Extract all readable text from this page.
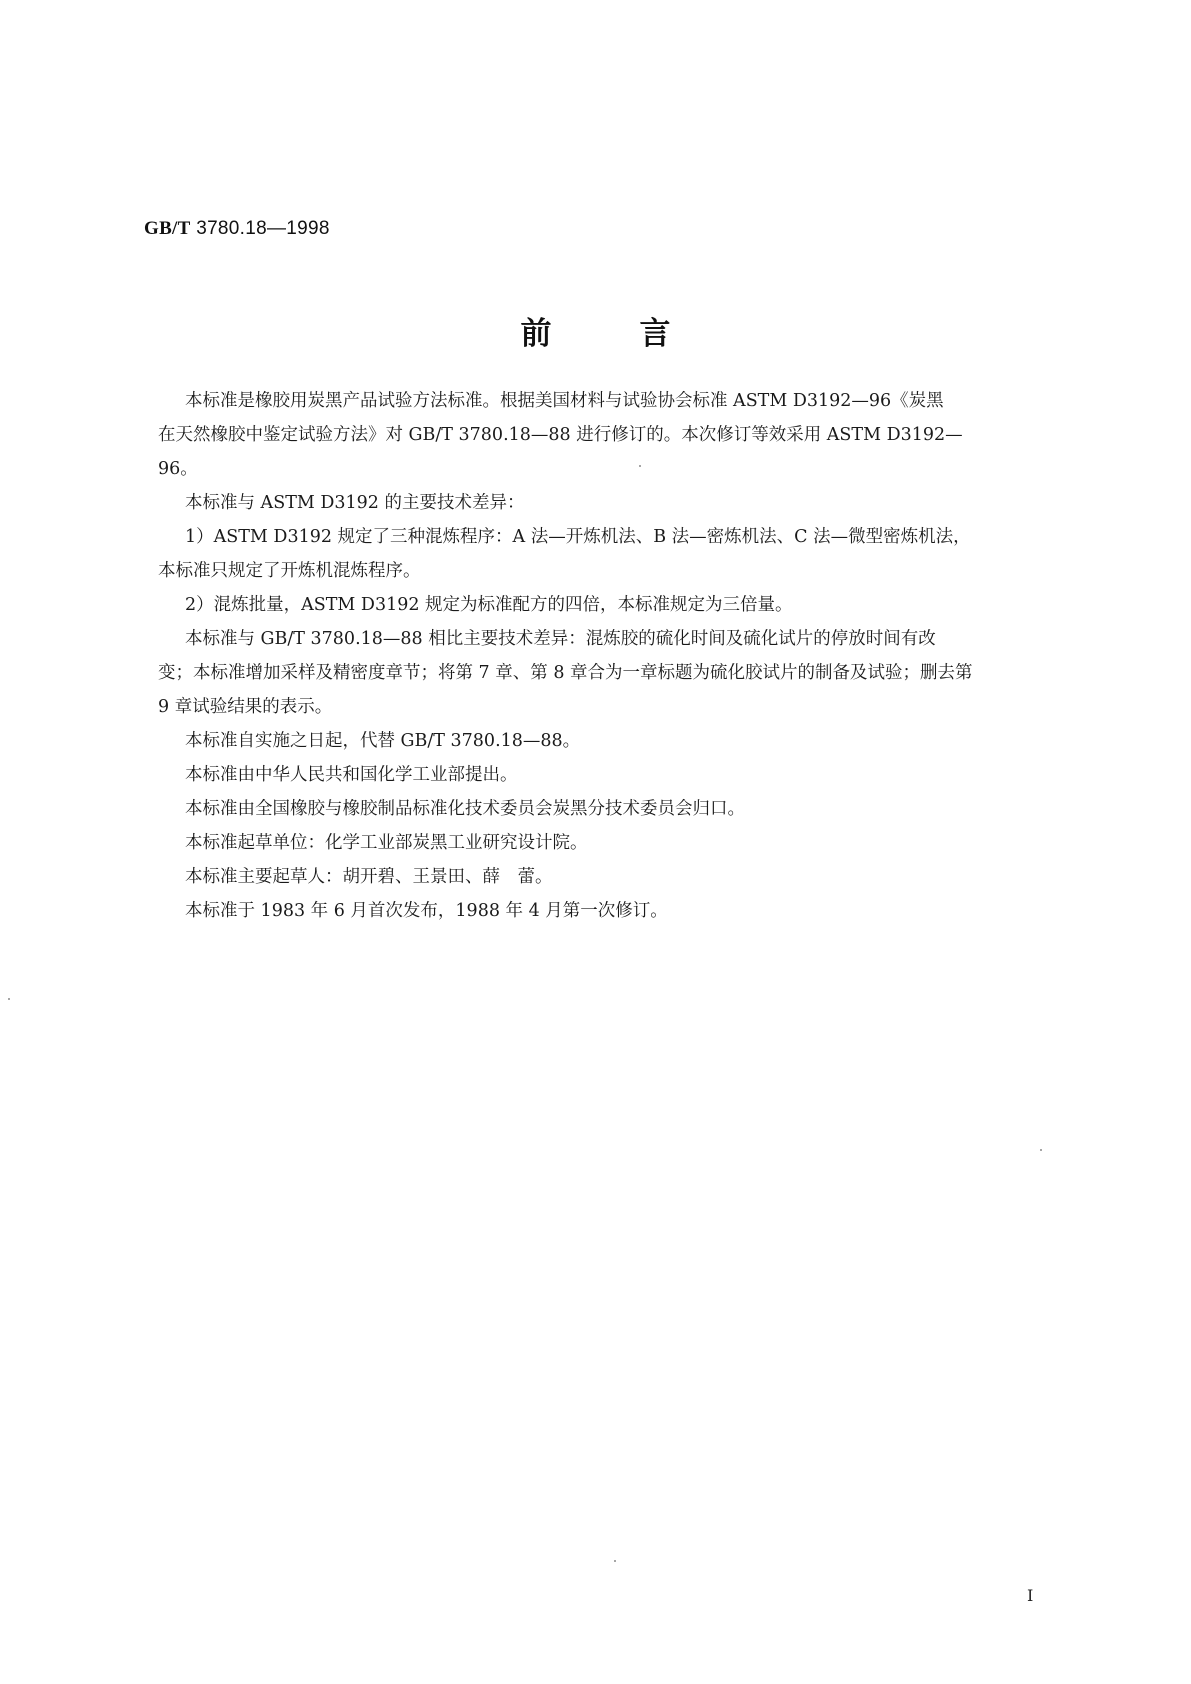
GB/T 3780.18—1998
前言
本标准是橡胶用炭黑产品试验方法标准。根据美国材料与试验协会标准 ASTM D3192—96《炭黑
在天然橡胶中鉴定试验方法》对 GB/T 3780.18—88 进行修订的。本次修订等效采用 ASTM D3192—
96。
本标准与 ASTM D3192 的主要技术差异：
1）ASTM D3192 规定了三种混炼程序：A 法—开炼机法、B 法—密炼机法、C 法—微型密炼机法，
本标准只规定了开炼机混炼程序。
2）混炼批量，ASTM D3192 规定为标准配方的四倍，本标准规定为三倍量。
本标准与 GB/T 3780.18—88 相比主要技术差异：混炼胶的硫化时间及硫化试片的停放时间有改
变；本标准增加采样及精密度章节；将第 7 章、第 8 章合为一章标题为硫化胶试片的制备及试验；删去第
9 章试验结果的表示。
本标准自实施之日起，代替 GB/T 3780.18—88。
本标准由中华人民共和国化学工业部提出。
本标准由全国橡胶与橡胶制品标准化技术委员会炭黑分技术委员会归口。
本标准起草单位：化学工业部炭黑工业研究设计院。
本标准主要起草人：胡开碧、王景田、薛　蕾。
本标准于 1983 年 6 月首次发布，1988 年 4 月第一次修订。
I
